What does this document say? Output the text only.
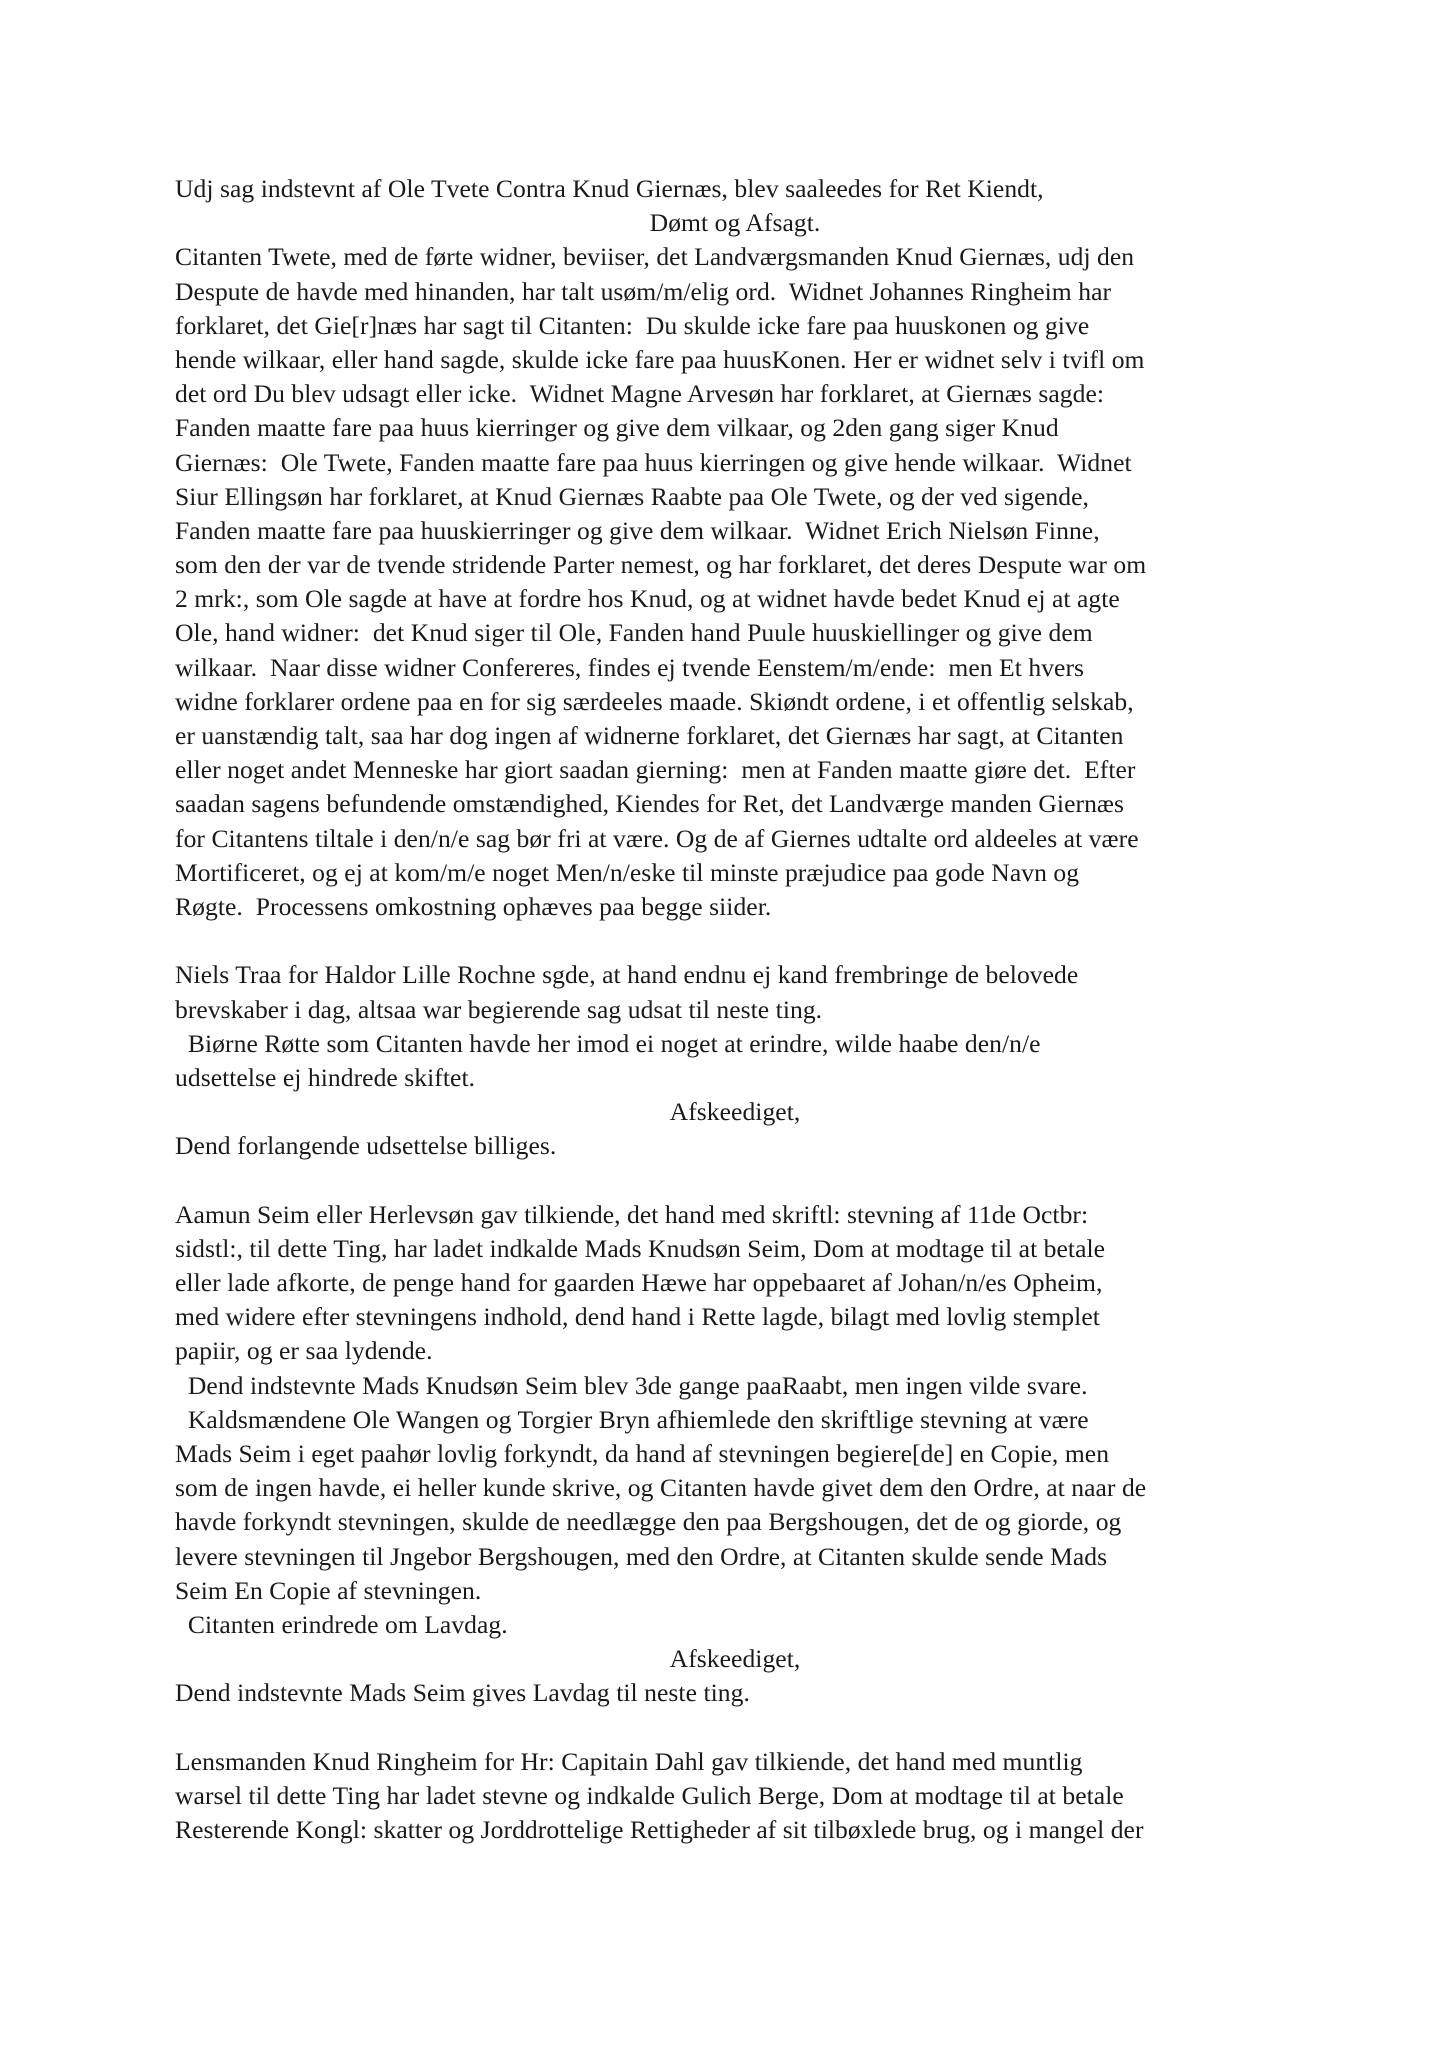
Udj sag indstevnt af Ole Tvete Contra Knud Giernæs, blev saaleedes for Ret Kiendt,
Dømt og Afsagt.
Citanten Twete, med de førte widner, beviiser, det Landværgsmanden Knud Giernæs, udj den
Despute de havde med hinanden, har talt usøm/m/elig ord.  Widnet Johannes Ringheim har
forklaret, det Gie[r]næs har sagt til Citanten:  Du skulde icke fare paa huuskonen og give
hende wilkaar, eller hand sagde, skulde icke fare paa huusKonen. Her er widnet selv i tvifl om
det ord Du blev udsagt eller icke.  Widnet Magne Arvesøn har forklaret, at Giernæs sagde:
Fanden maatte fare paa huus kierringer og give dem vilkaar, og 2den gang siger Knud
Giernæs:  Ole Twete, Fanden maatte fare paa huus kierringen og give hende wilkaar.  Widnet
Siur Ellingsøn har forklaret, at Knud Giernæs Raabte paa Ole Twete, og der ved sigende,
Fanden maatte fare paa huuskierringer og give dem wilkaar.  Widnet Erich Nielsøn Finne,
som den der var de tvende stridende Parter nemest, og har forklaret, det deres Despute war om
2 mrk:, som Ole sagde at have at fordre hos Knud, og at widnet havde bedet Knud ej at agte
Ole, hand widner:  det Knud siger til Ole, Fanden hand Puule huuskiellinger og give dem
wilkaar.  Naar disse widner Confereres, findes ej tvende Eenstem/m/ende:  men Et hvers
widne forklarer ordene paa en for sig særdeeles maade. Skiøndt ordene, i et offentlig selskab,
er uanstændig talt, saa har dog ingen af widnerne forklaret, det Giernæs har sagt, at Citanten
eller noget andet Menneske har giort saadan gierning:  men at Fanden maatte giøre det.  Efter
saadan sagens befundende omstændighed, Kiendes for Ret, det Landværge manden Giernæs
for Citantens tiltale i den/n/e sag bør fri at være. Og de af Giernes udtalte ord aldeeles at være
Mortificeret, og ej at kom/m/e noget Men/n/eske til minste præjudice paa gode Navn og
Røgte.  Processens omkostning ophæves paa begge siider.
Niels Traa for Haldor Lille Rochne sgde, at hand endnu ej kand frembringe de belovede
brevskaber i dag, altsaa war begierende sag udsat til neste ting.
Biørne Røtte som Citanten havde her imod ei noget at erindre, wilde haabe den/n/e
udsettelse ej hindrede skiftet.
Afskeediget,
Dend forlangende udsettelse billiges.
Aamun Seim eller Herlevsøn gav tilkiende, det hand med skriftl: stevning af 11de Octbr:
sidstl:, til dette Ting, har ladet indkalde Mads Knudsøn Seim, Dom at modtage til at betale
eller lade afkorte, de penge hand for gaarden Hæwe har oppebaaret af Johan/n/es Opheim,
med widere efter stevningens indhold, dend hand i Rette lagde, bilagt med lovlig stemplet
papiir, og er saa lydende.
Dend indstevnte Mads Knudsøn Seim blev 3de gange paaRaabt, men ingen vilde svare.
Kaldsmændene Ole Wangen og Torgier Bryn afhiemlede den skriftlige stevning at være
Mads Seim i eget paahør lovlig forkyndt, da hand af stevningen begiere[de] en Copie, men
som de ingen havde, ei heller kunde skrive, og Citanten havde givet dem den Ordre, at naar de
havde forkyndt stevningen, skulde de needlægge den paa Bergshougen, det de og giorde, og
levere stevningen til Jngebor Bergshougen, med den Ordre, at Citanten skulde sende Mads
Seim En Copie af stevningen.
Citanten erindrede om Lavdag.
Afskeediget,
Dend indstevnte Mads Seim gives Lavdag til neste ting.
Lensmanden Knud Ringheim for Hr: Capitain Dahl gav tilkiende, det hand med muntlig
warsel til dette Ting har ladet stevne og indkalde Gulich Berge, Dom at modtage til at betale
Resterende Kongl: skatter og Jorddrottelige Rettigheder af sit tilbøxlede brug, og i mangel der
